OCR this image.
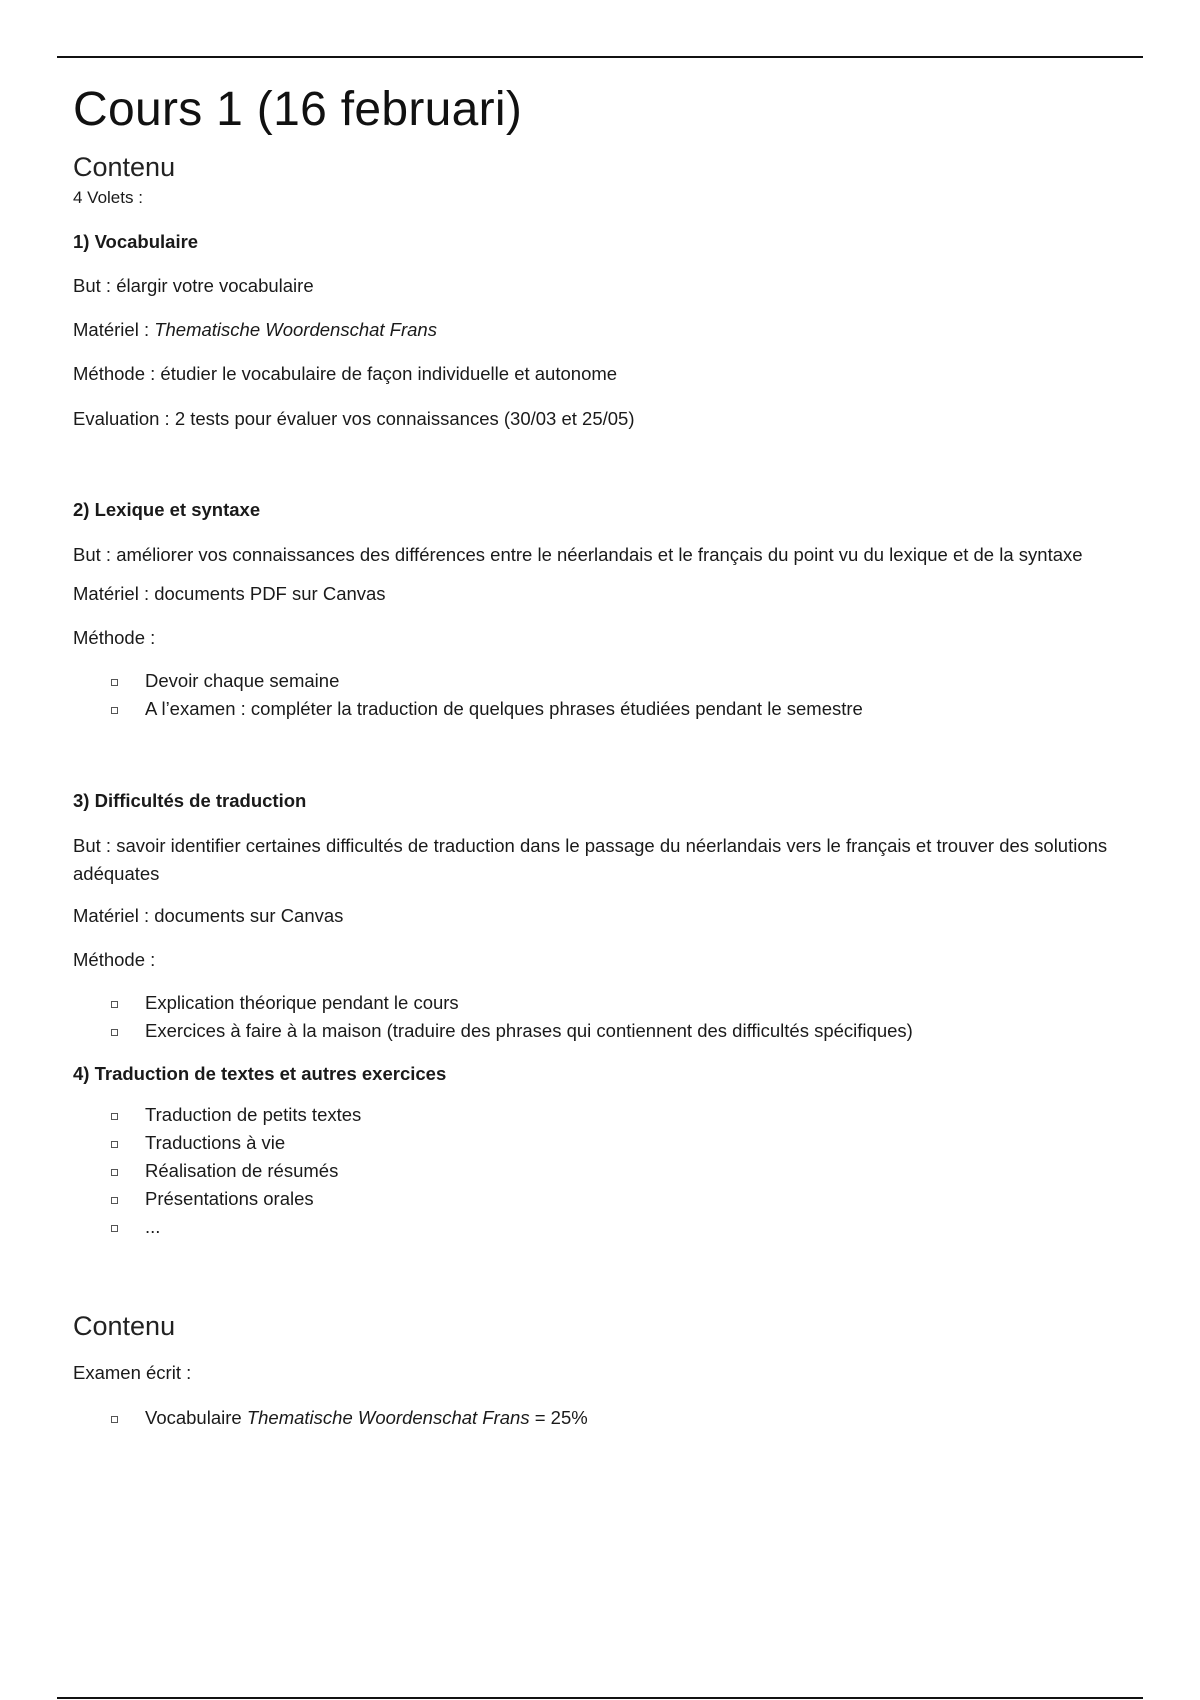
Cours 1 (16 februari)
Contenu

4 Volets :

1) Vocabulaire

But : élargir votre vocabulaire

Matériel : Thematische Woordenschat Frans

Méthode : étudier le vocabulaire de façon individuelle et autonome

Evaluation : 2 tests pour évaluer vos connaissances (30/03 et 25/05)

2) Lexique et syntaxe

But : améliorer vos connaissances des différences entre le néerlandais et le français du point vu du lexique et de la syntaxe

Matériel : documents PDF sur Canvas

Méthode :

Devoir chaque semaine
A l’examen : compléter la traduction de quelques phrases étudiées pendant le semestre

3) Difficultés de traduction

But : savoir identifier certaines difficultés de traduction dans le passage du néerlandais vers le français et trouver des solutions adéquates

Matériel : documents sur Canvas

Méthode :

Explication théorique pendant le cours
Exercices à faire à la maison (traduire des phrases qui contiennent des difficultés spécifiques)

4) Traduction de textes et autres exercices

Traduction de petits textes
Traductions à vie
Réalisation de résumés
Présentations orales
...
Contenu

Examen écrit :

Vocabulaire Thematische Woordenschat Frans = 25%
